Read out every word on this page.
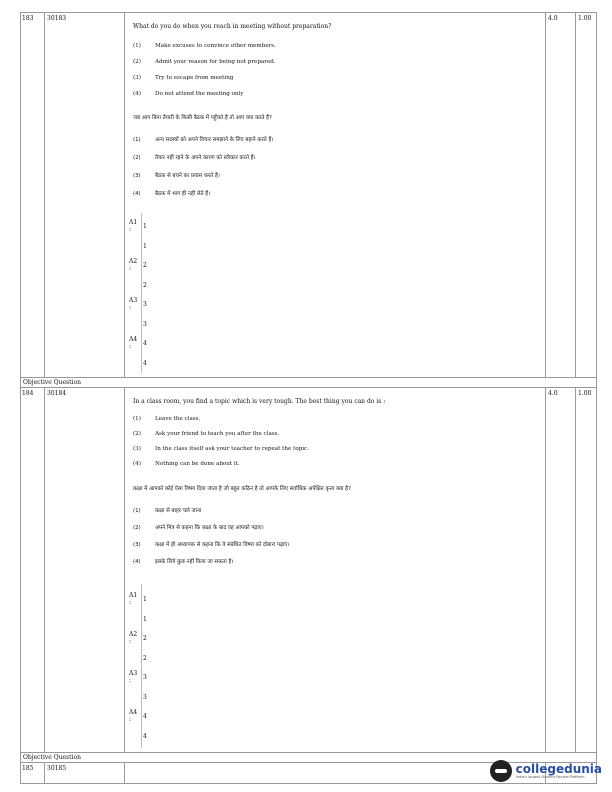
183	30183
What do you do when you reach in meeting without preparation?
(1)	Make excuses to convince other members.
(2)	Admit your reason for being not prepared.
(3)	Try to escape from meeting
(4)	Do not attend the meeting only
जब आप बिना तैयारी के किसी बैठक में पहुँचते हैं तो आप क्या करते हैं?
(1)	अन्य सदस्यों को अपने विचार समझाने के लिए बहाने करते हैं।
(2)	तैयार नहीं रहने के अपने कारण को स्वीकार करते हैं।
(3)	बैठक से बचने का प्रयास करते हैं।
(4)	बैठक में भाग ही नहीं लेते हैं।
A1
: 1
1
A2
: 2
2
A3
: 3
3
A4
: 4
4
4.0	1.00
Objective Question
184	30184
In a class room, you find a topic which is very tough. The best thing you can do is :
(1)	Leave the class.
(2)	Ask your friend to teach you after the class.
(3)	In the class itself ask your teacher to repeat the topic.
(4)	Nothing can be done about it.
कक्षा में आपको कोई ऐसा विषय दिया जाता है जो बहुत कठिन है तो आपके लिए सर्वाधिक अपेक्षित कृत्य क्या है?
(1)	कक्षा से बाहर चले जाना
(2)	अपने मित्र से कहना कि कक्षा के बाद वह आपको पढ़ाए।
(3)	कक्षा में ही अध्यापक से कहना कि वे संबंधित विषय को दोबारा पढ़ाएं।
(4)	इसके लिये कुछ नहीं किया जा सकता है।
A1
: 1
1
A2
: 2
2
A3
: 3
3
A4
: 4
4
4.0	1.00
Objective Question
185	30185	collegedunia
India's largest Student Review Platform
